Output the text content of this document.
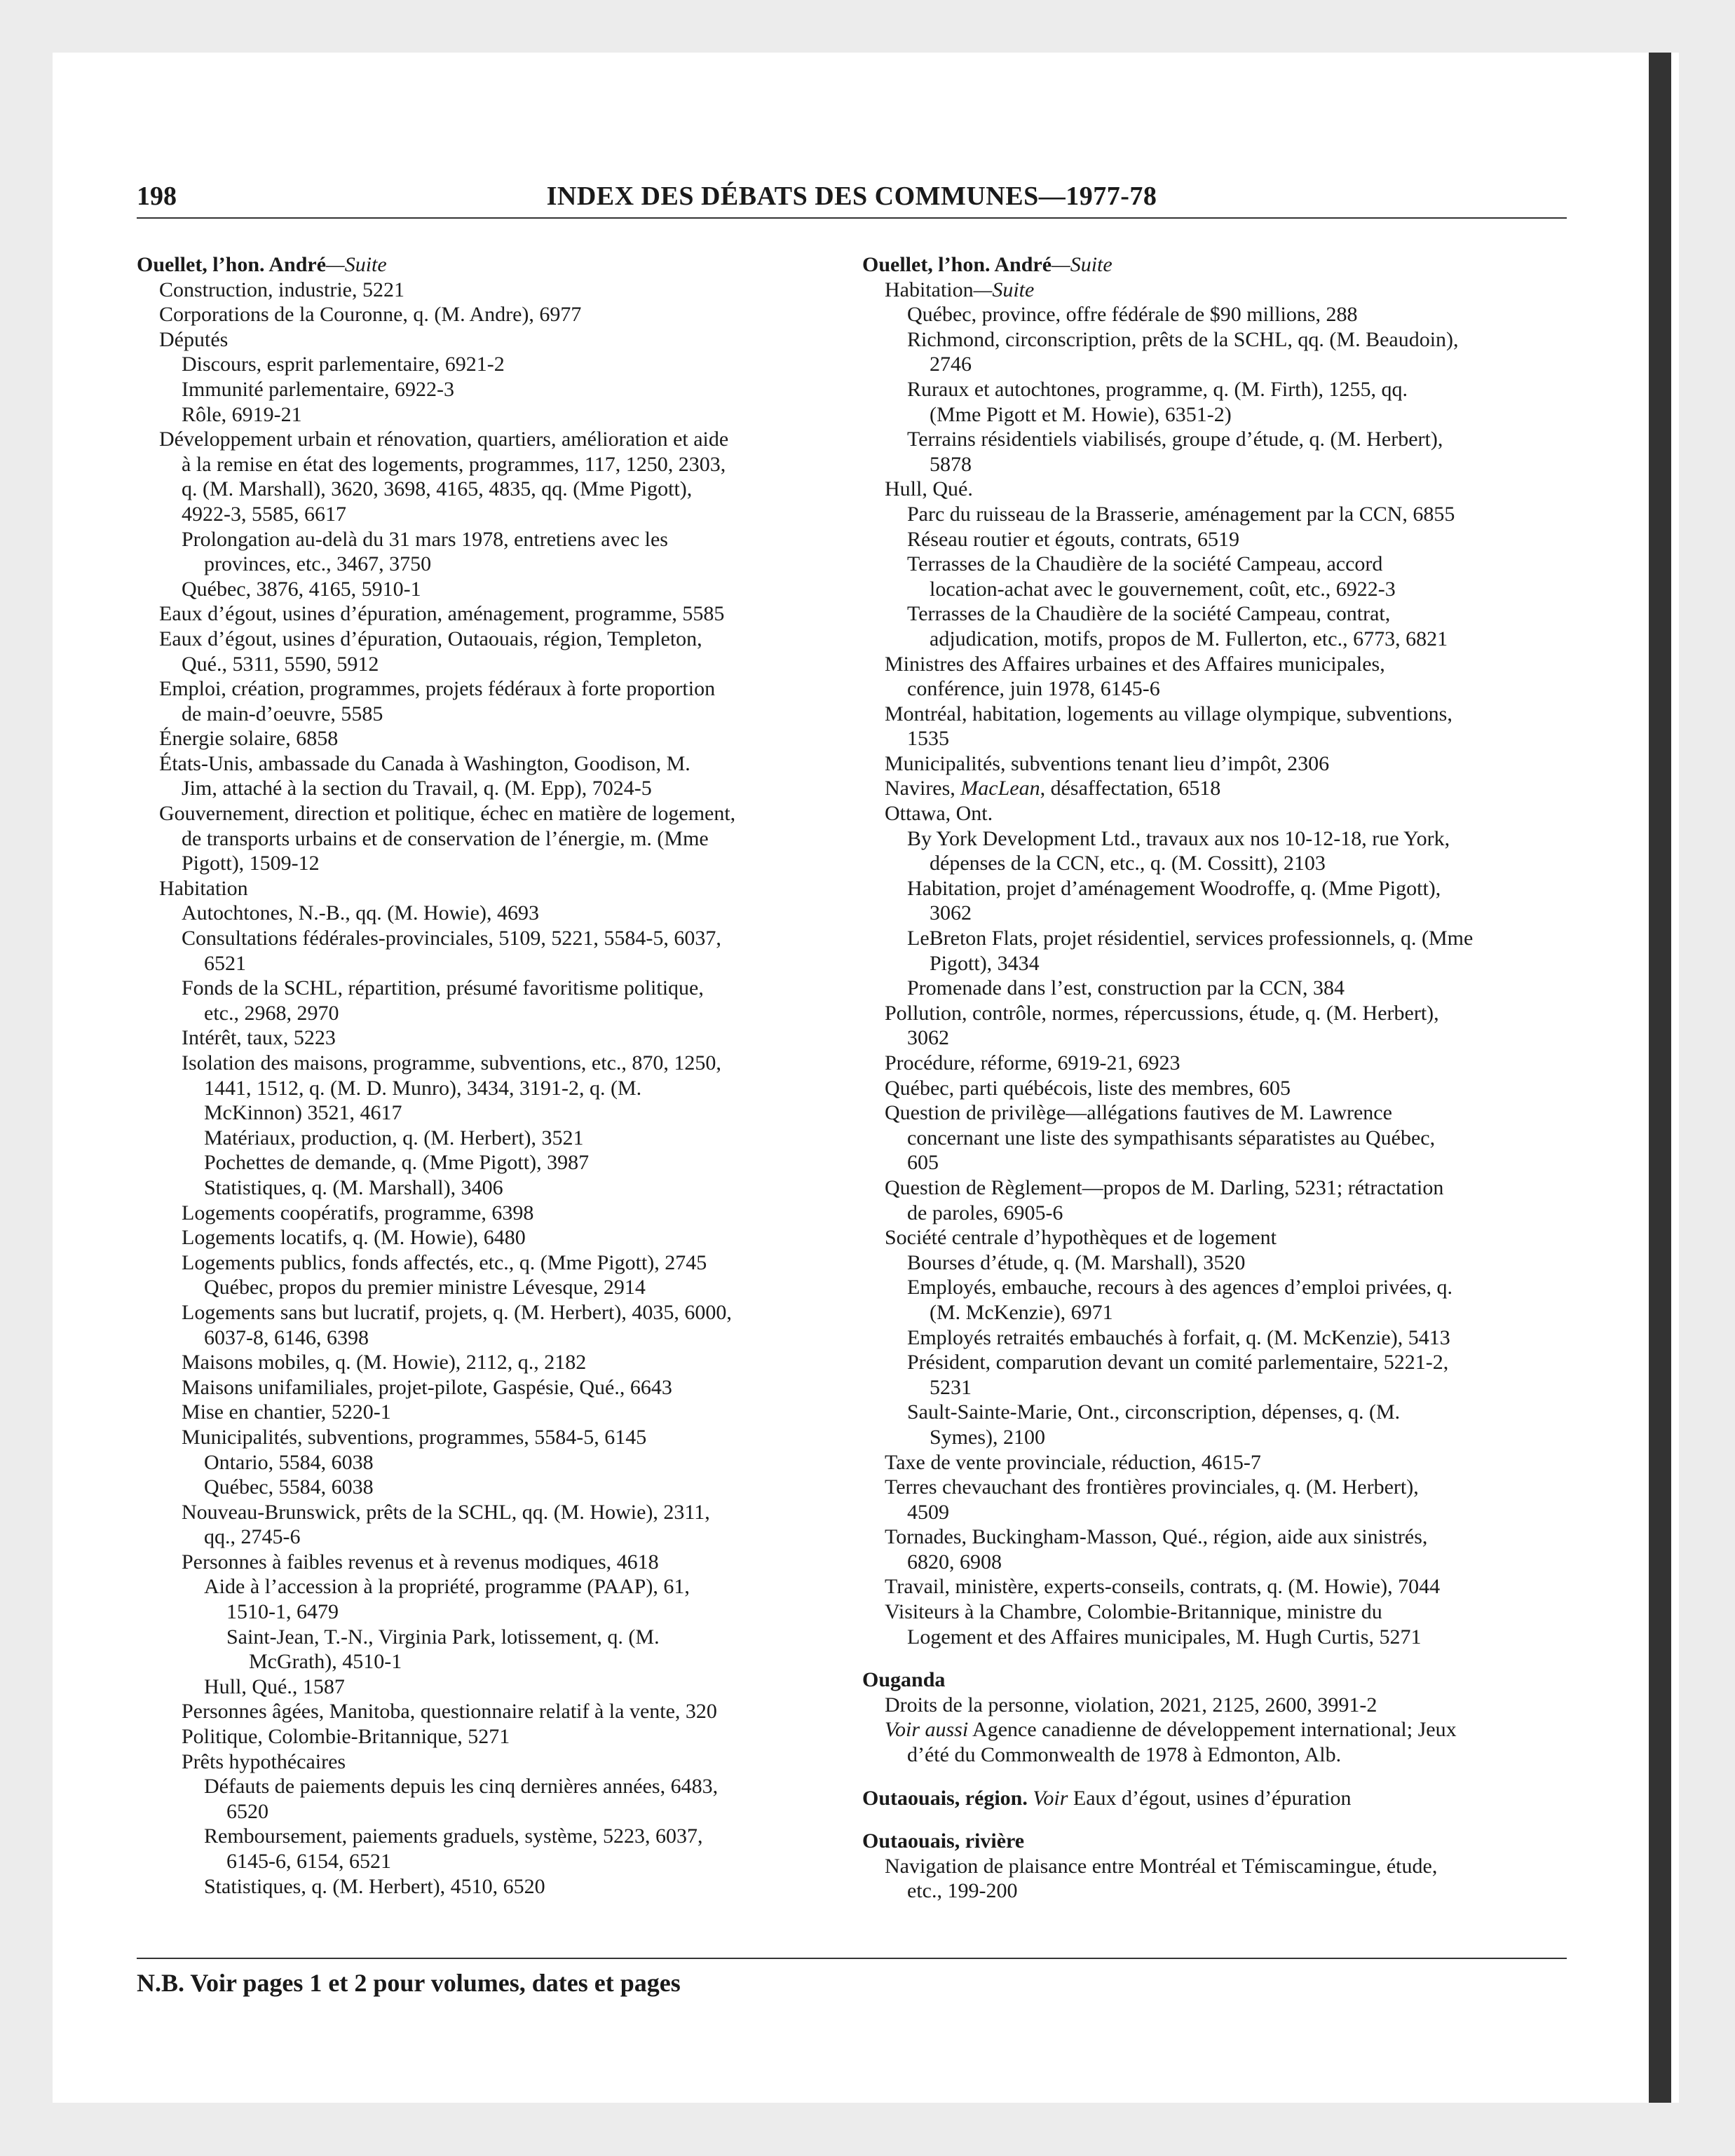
198	INDEX DES DÉBATS DES COMMUNES—1977-78
Ouellet, l’hon. André—Suite
Construction, industrie, 5221
Corporations de la Couronne, q. (M. Andre), 6977
Députés
Discours, esprit parlementaire, 6921-2
Immunité parlementaire, 6922-3
Rôle, 6919-21
Développement urbain et rénovation, quartiers, amélioration et aide
à la remise en état des logements, programmes, 117, 1250, 2303,
q. (M. Marshall), 3620, 3698, 4165, 4835, qq. (Mme Pigott),
4922-3, 5585, 6617
Prolongation au-delà du 31 mars 1978, entretiens avec les
provinces, etc., 3467, 3750
Québec, 3876, 4165, 5910-1
Eaux d’égout, usines d’épuration, aménagement, programme, 5585
Eaux d’égout, usines d’épuration, Outaouais, région, Templeton,
Qué., 5311, 5590, 5912
Emploi, création, programmes, projets fédéraux à forte proportion
de main-d’oeuvre, 5585
Énergie solaire, 6858
États-Unis, ambassade du Canada à Washington, Goodison, M.
Jim, attaché à la section du Travail, q. (M. Epp), 7024-5
Gouvernement, direction et politique, échec en matière de logement,
de transports urbains et de conservation de l’énergie, m. (Mme
Pigott), 1509-12
Habitation
Autochtones, N.-B., qq. (M. Howie), 4693
Consultations fédérales-provinciales, 5109, 5221, 5584-5, 6037,
6521
Fonds de la SCHL, répartition, présumé favoritisme politique,
etc., 2968, 2970
Intérêt, taux, 5223
Isolation des maisons, programme, subventions, etc., 870, 1250,
1441, 1512, q. (M. D. Munro), 3434, 3191-2, q. (M.
McKinnon) 3521, 4617
Matériaux, production, q. (M. Herbert), 3521
Pochettes de demande, q. (Mme Pigott), 3987
Statistiques, q. (M. Marshall), 3406
Logements coopératifs, programme, 6398
Logements locatifs, q. (M. Howie), 6480
Logements publics, fonds affectés, etc., q. (Mme Pigott), 2745
Québec, propos du premier ministre Lévesque, 2914
Logements sans but lucratif, projets, q. (M. Herbert), 4035, 6000,
6037-8, 6146, 6398
Maisons mobiles, q. (M. Howie), 2112, q., 2182
Maisons unifamiliales, projet-pilote, Gaspésie, Qué., 6643
Mise en chantier, 5220-1
Municipalités, subventions, programmes, 5584-5, 6145
Ontario, 5584, 6038
Québec, 5584, 6038
Nouveau-Brunswick, prêts de la SCHL, qq. (M. Howie), 2311,
qq., 2745-6
Personnes à faibles revenus et à revenus modiques, 4618
Aide à l’accession à la propriété, programme (PAAP), 61,
1510-1, 6479
Saint-Jean, T.-N., Virginia Park, lotissement, q. (M.
McGrath), 4510-1
Hull, Qué., 1587
Personnes âgées, Manitoba, questionnaire relatif à la vente, 320
Politique, Colombie-Britannique, 5271
Prêts hypothécaires
Défauts de paiements depuis les cinq dernières années, 6483,
6520
Remboursement, paiements graduels, système, 5223, 6037,
6145-6, 6154, 6521
Statistiques, q. (M. Herbert), 4510, 6520
Ouellet, l’hon. André—Suite
Habitation—Suite
Québec, province, offre fédérale de $90 millions, 288
Richmond, circonscription, prêts de la SCHL, qq. (M. Beaudoin),
2746
Ruraux et autochtones, programme, q. (M. Firth), 1255, qq.
(Mme Pigott et M. Howie), 6351-2)
Terrains résidentiels viabilisés, groupe d’étude, q. (M. Herbert),
5878
Hull, Qué.
Parc du ruisseau de la Brasserie, aménagement par la CCN, 6855
Réseau routier et égouts, contrats, 6519
Terrasses de la Chaudière de la société Campeau, accord
location-achat avec le gouvernement, coût, etc., 6922-3
Terrasses de la Chaudière de la société Campeau, contrat,
adjudication, motifs, propos de M. Fullerton, etc., 6773, 6821
Ministres des Affaires urbaines et des Affaires municipales,
conférence, juin 1978, 6145-6
Montréal, habitation, logements au village olympique, subventions,
1535
Municipalités, subventions tenant lieu d’impôt, 2306
Navires, MacLean, désaffectation, 6518
Ottawa, Ont.
By York Development Ltd., travaux aux nos 10-12-18, rue York,
dépenses de la CCN, etc., q. (M. Cossitt), 2103
Habitation, projet d’aménagement Woodroffe, q. (Mme Pigott),
3062
LeBreton Flats, projet résidentiel, services professionnels, q. (Mme
Pigott), 3434
Promenade dans l’est, construction par la CCN, 384
Pollution, contrôle, normes, répercussions, étude, q. (M. Herbert),
3062
Procédure, réforme, 6919-21, 6923
Québec, parti québécois, liste des membres, 605
Question de privilège—allégations fautives de M. Lawrence
concernant une liste des sympathisants séparatistes au Québec,
605
Question de Règlement—propos de M. Darling, 5231; rétractation
de paroles, 6905-6
Société centrale d’hypothèques et de logement
Bourses d’étude, q. (M. Marshall), 3520
Employés, embauche, recours à des agences d’emploi privées, q.
(M. McKenzie), 6971
Employés retraités embauchés à forfait, q. (M. McKenzie), 5413
Président, comparution devant un comité parlementaire, 5221-2,
5231
Sault-Sainte-Marie, Ont., circonscription, dépenses, q. (M.
Symes), 2100
Taxe de vente provinciale, réduction, 4615-7
Terres chevauchant des frontières provinciales, q. (M. Herbert),
4509
Tornades, Buckingham-Masson, Qué., région, aide aux sinistrés,
6820, 6908
Travail, ministère, experts-conseils, contrats, q. (M. Howie), 7044
Visiteurs à la Chambre, Colombie-Britannique, ministre du
Logement et des Affaires municipales, M. Hugh Curtis, 5271
Ouganda
Droits de la personne, violation, 2021, 2125, 2600, 3991-2
Voir aussi Agence canadienne de développement international; Jeux
d’été du Commonwealth de 1978 à Edmonton, Alb.
Outaouais, région. Voir Eaux d’égout, usines d’épuration
Outaouais, rivière
Navigation de plaisance entre Montréal et Témiscamingue, étude,
etc., 199-200
N.B. Voir pages 1 et 2 pour volumes, dates et pages
